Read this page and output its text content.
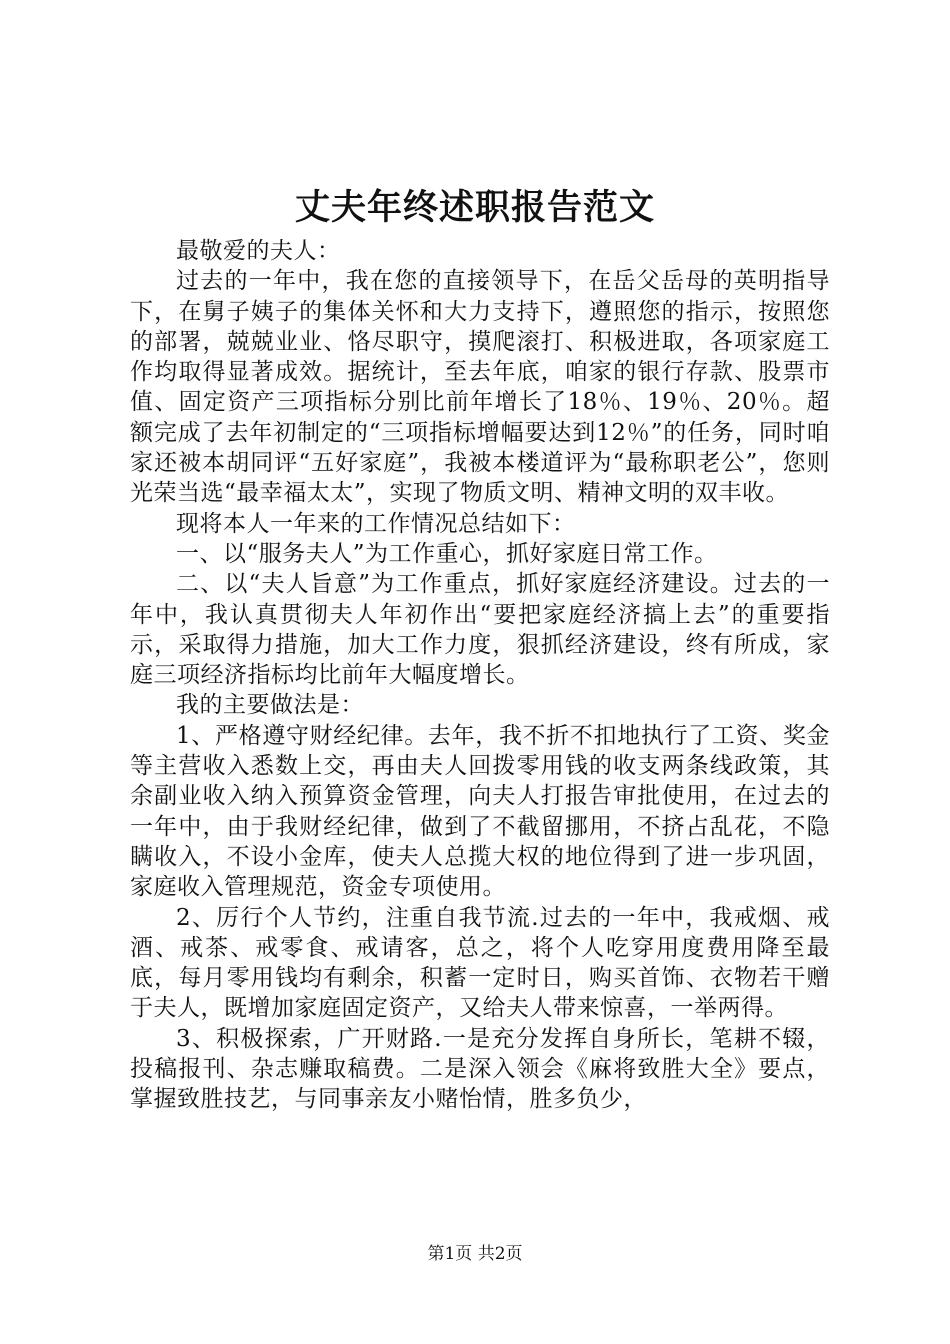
丈夫年终述职报告范文

最敬爱的夫人：

过去的一年中，我在您的直接领导下，在岳父岳母的英明指导下，在舅子姨子的集体关怀和大力支持下，遵照您的指示，按照您的部署，兢兢业业、恪尽职守，摸爬滚打、积极进取，各项家庭工作均取得显著成效。据统计，至去年底，咱家的银行存款、股票市值、固定资产三项指标分别比前年增长了18％、19％、20％。超额完成了去年初制定的“三项指标增幅要达到12％”的任务，同时咱家还被本胡同评“五好家庭”，我被本楼道评为“最称职老公”，您则光荣当选“最幸福太太”，实现了物质文明、精神文明的双丰收。

现将本人一年来的工作情况总结如下：

一、以“服务夫人”为工作重心，抓好家庭日常工作。

二、以“夫人旨意”为工作重点，抓好家庭经济建设。过去的一年中，我认真贯彻夫人年初作出“要把家庭经济搞上去”的重要指示，采取得力措施，加大工作力度，狠抓经济建设，终有所成，家庭三项经济指标均比前年大幅度增长。

我的主要做法是：

1、严格遵守财经纪律。去年，我不折不扣地执行了工资、奖金等主营收入悉数上交，再由夫人回拨零用钱的收支两条线政策，其余副业收入纳入预算资金管理，向夫人打报告审批使用，在过去的一年中，由于我财经纪律，做到了不截留挪用，不挤占乱花，不隐瞒收入，不设小金库，使夫人总揽大权的地位得到了进一步巩固，家庭收入管理规范，资金专项使用。

2、厉行个人节约，注重自我节流.过去的一年中，我戒烟、戒酒、戒茶、戒零食、戒请客，总之，将个人吃穿用度费用降至最底，每月零用钱均有剩余，积蓄一定时日，购买首饰、衣物若干赠于夫人，既增加家庭固定资产，又给夫人带来惊喜，一举两得。

3、积极探索，广开财路.一是充分发挥自身所长，笔耕不辍，投稿报刊、杂志赚取稿费。二是深入领会《麻将致胜大全》要点，掌握致胜技艺，与同事亲友小赌怡情，胜多负少，

第1页 共2页
